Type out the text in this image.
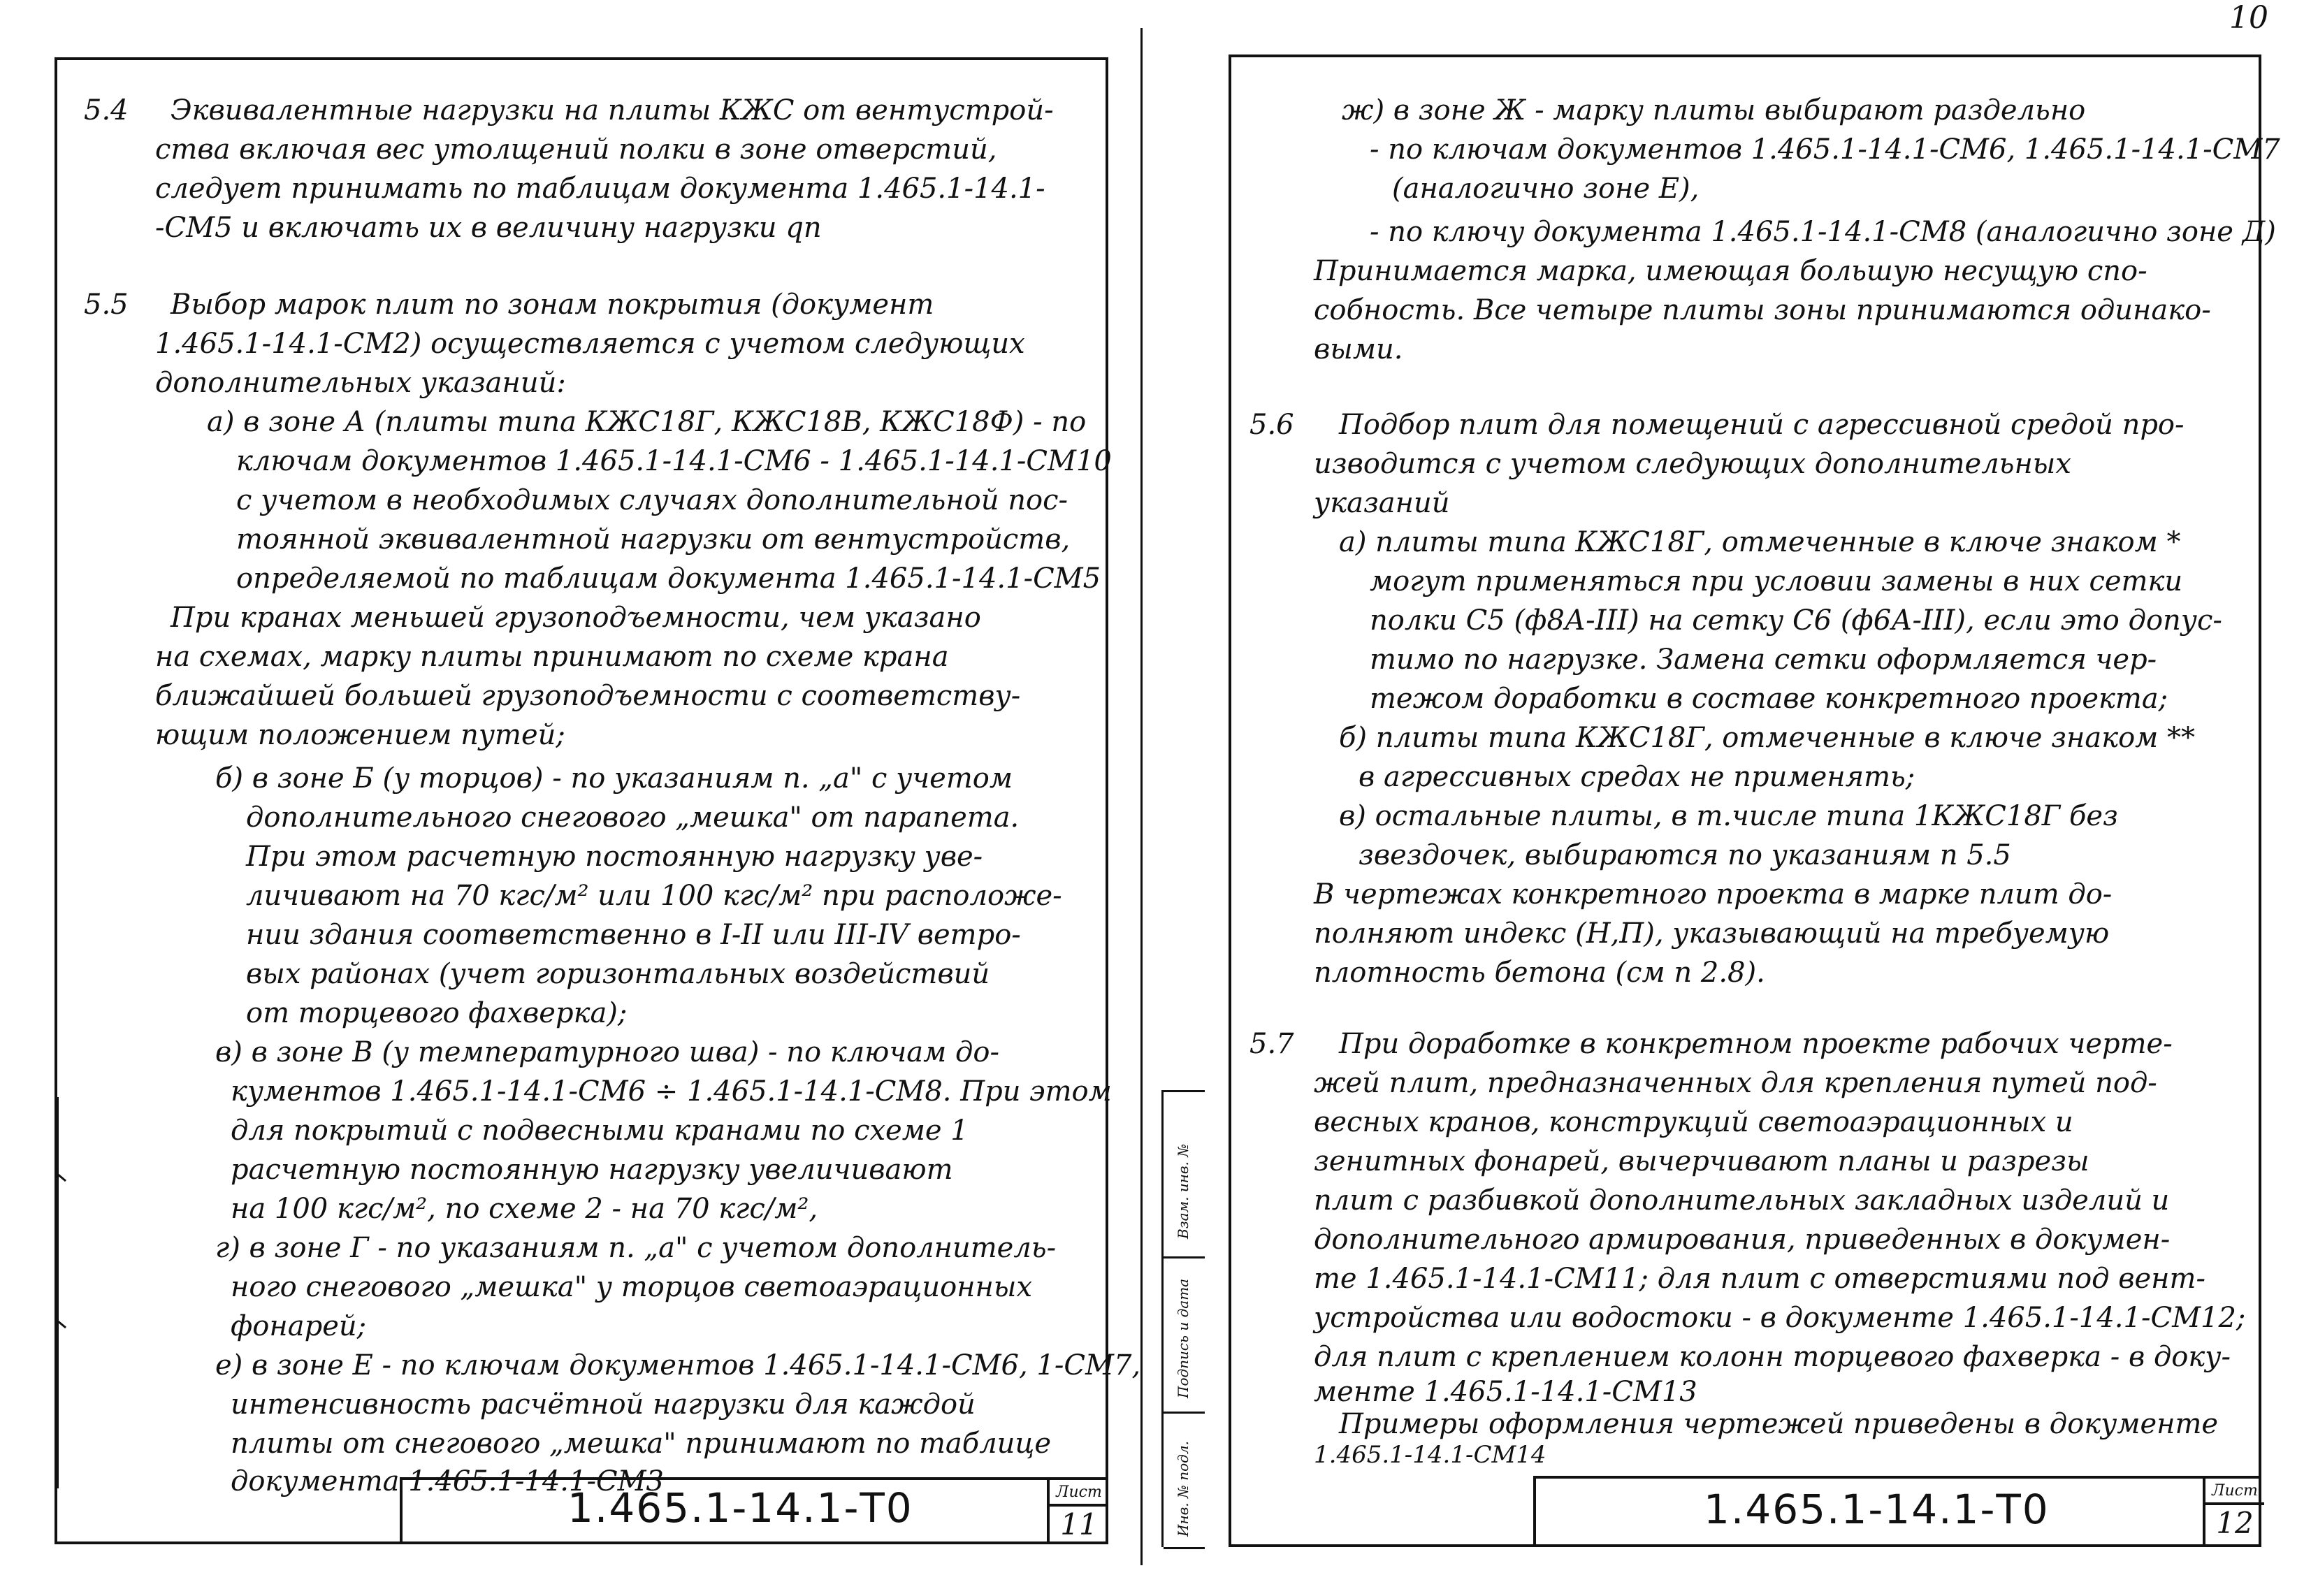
5.4 Эквивалентные нагрузки на плиты КЖС от вентустрой-
ства включая вес утолщений полки в зоне отверстий,
следует принимать по таблицам документа 1.465.1-14.1-
-СМ5 и включать их в величину нагрузки qп
5.5 Выбор марок плит по зонам покрытия (документ
1.465.1-14.1-СМ2) осуществляется с учетом следующих
дополнительных указаний:
а) в зоне А (плиты типа КЖС18Г, КЖС18В, КЖС18Ф) - по
ключам документов 1.465.1-14.1-СМ6 - 1.465.1-14.1-СМ10
с учетом в необходимых случаях дополнительной пос-
тоянной эквивалентной нагрузки от вентустройств,
определяемой по таблицам документа 1.465.1-14.1-СМ5
При кранах меньшей грузоподъемности, чем указано
на схемах, марку плиты принимают по схеме крана
ближайшей большей грузоподъемности с соответству-
ющим положением путей;
б) в зоне Б (у торцов) - по указаниям п. „а" с учетом
дополнительного снегового „мешка" от парапета.
При этом расчетную постоянную нагрузку уве-
личивают на 70 кгс/м² или 100 кгс/м² при расположе-
нии здания соответственно в I-II или III-IV ветро-
вых районах (учет горизонтальных воздействий
от торцевого фахверка);
в) в зоне В (у температурного шва) - по ключам до-
кументов 1.465.1-14.1-СМ6 ÷ 1.465.1-14.1-СМ8. При этом
для покрытий с подвесными кранами по схеме 1
расчетную постоянную нагрузку увеличивают
на 100 кгс/м², по схеме 2 - на 70 кгс/м²,
г) в зоне Г - по указаниям п. „а" с учетом дополнитель-
ного снегового „мешка" у торцов светоаэрационных
фонарей;
е) в зоне Е - по ключам документов 1.465.1-14.1-СМ6, 1-СМ7,
интенсивность расчётной нагрузки для каждой
плиты от снегового „мешка" принимают по таблице
документа 1.465.1-14.1-СМ3
1.465.1-14.1-Т0	Лист
11
Взам. инв. №
Подпись и дата
Инв. № подл.
10
ж) в зоне Ж - марку плиты выбирают раздельно
- по ключам документов 1.465.1-14.1-СМ6, 1.465.1-14.1-СМ7
(аналогично зоне Е),
- по ключу документа 1.465.1-14.1-СМ8 (аналогично зоне Д)
Принимается марка, имеющая большую несущую спо-
собность. Все четыре плиты зоны принимаются одинако-
выми.
5.6 Подбор плит для помещений с агрессивной средой про-
изводится с учетом следующих дополнительных
указаний
а) плиты типа КЖС18Г, отмеченные в ключе знаком *
могут применяться при условии замены в них сетки
полки С5 (ф8А-III) на сетку С6 (ф6А-III), если это допус-
тимо по нагрузке. Замена сетки оформляется чер-
тежом доработки в составе конкретного проекта;
б) плиты типа КЖС18Г, отмеченные в ключе знаком **
в агрессивных средах не применять;
в) остальные плиты, в т.числе типа 1КЖС18Г без
звездочек, выбираются по указаниям п 5.5
В чертежах конкретного проекта в марке плит до-
полняют индекс (Н,П), указывающий на требуемую
плотность бетона (см п 2.8).
5.7 При доработке в конкретном проекте рабочих черте-
жей плит, предназначенных для крепления путей под-
весных кранов, конструкций светоаэрационных и
зенитных фонарей, вычерчивают планы и разрезы
плит с разбивкой дополнительных закладных изделий и
дополнительного армирования, приведенных в докумен-
те 1.465.1-14.1-СМ11; для плит с отверстиями под вент-
устройства или водостоки - в документе 1.465.1-14.1-СМ12;
для плит с креплением колонн торцевого фахверка - в доку-
менте 1.465.1-14.1-СМ13
Примеры оформления чертежей приведены в документе
1.465.1-14.1-СМ14
1.465.1-14.1-Т0	Лист
12
